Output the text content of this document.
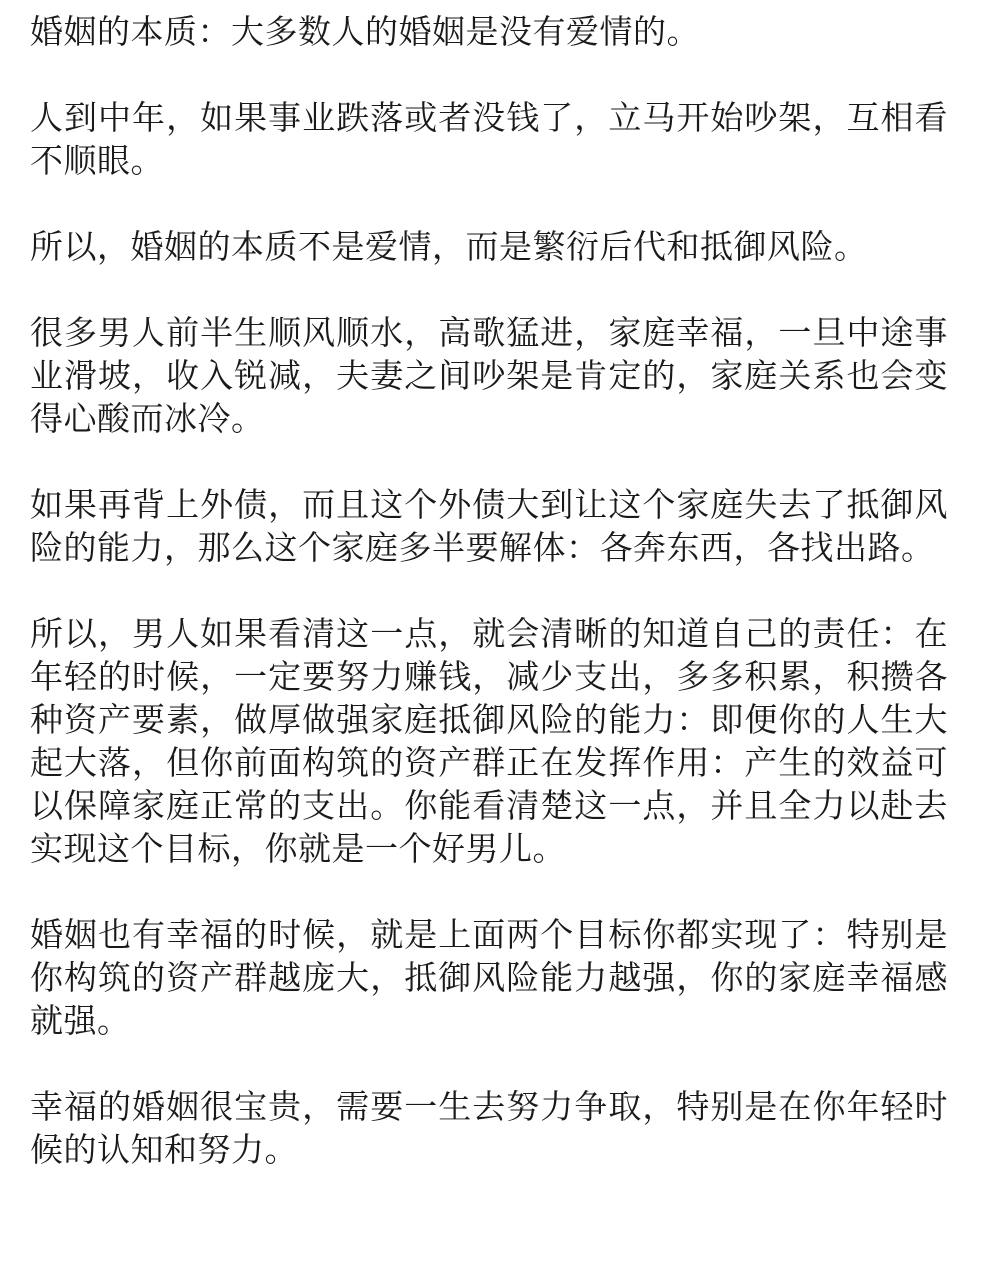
婚姻的本质：大多数人的婚姻是没有爱情的。

人到中年，如果事业跌落或者没钱了，立马开始吵架，互相看不顺眼。

所以，婚姻的本质不是爱情，而是繁衍后代和抵御风险。

很多男人前半生顺风顺水，高歌猛进，家庭幸福，一旦中途事业滑坡，收入锐减，夫妻之间吵架是肯定的，家庭关系也会变得心酸而冰冷。

如果再背上外债，而且这个外债大到让这个家庭失去了抵御风险的能力，那么这个家庭多半要解体：各奔东西，各找出路。

所以，男人如果看清这一点，就会清晰的知道自己的责任：在年轻的时候，一定要努力赚钱，减少支出，多多积累，积攒各种资产要素，做厚做强家庭抵御风险的能力：即便你的人生大起大落，但你前面构筑的资产群正在发挥作用：产生的效益可以保障家庭正常的支出。你能看清楚这一点，并且全力以赴去实现这个目标，你就是一个好男儿。

婚姻也有幸福的时候，就是上面两个目标你都实现了：特别是你构筑的资产群越庞大，抵御风险能力越强，你的家庭幸福感就强。

幸福的婚姻很宝贵，需要一生去努力争取，特别是在你年轻时候的认知和努力。
